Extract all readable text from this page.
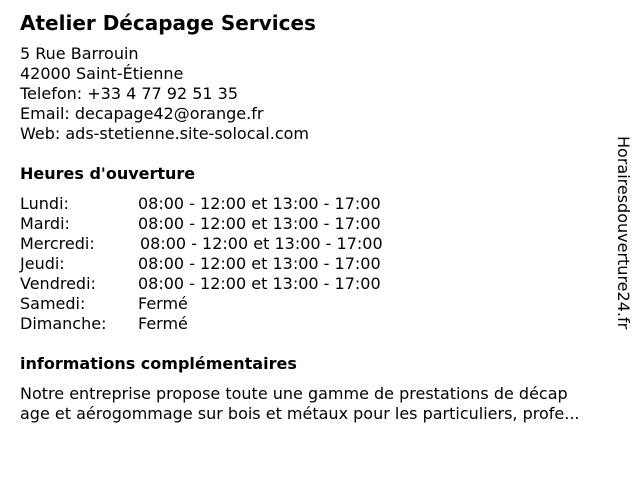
Atelier Décapage Services
5 Rue Barrouin
42000 Saint-Étienne
Telefon: +33 4 77 92 51 35
Email: decapage42@orange.fr
Web: ads-stetienne.site-solocal.com
Heures d'ouverture
Lundi:	08:00 - 12:00 et 13:00 - 17:00
Mardi:	08:00 - 12:00 et 13:00 - 17:00
Mercredi:	08:00 - 12:00 et 13:00 - 17:00
Jeudi:	08:00 - 12:00 et 13:00 - 17:00
Vendredi:	08:00 - 12:00 et 13:00 - 17:00
Samedi:	Fermé
Dimanche: Fermé
informations complémentaires
Notre entreprise propose toute une gamme de prestations de décap
age et aérogommage sur bois et métaux pour les particuliers, profe...
Horairesdouverture24.fr
